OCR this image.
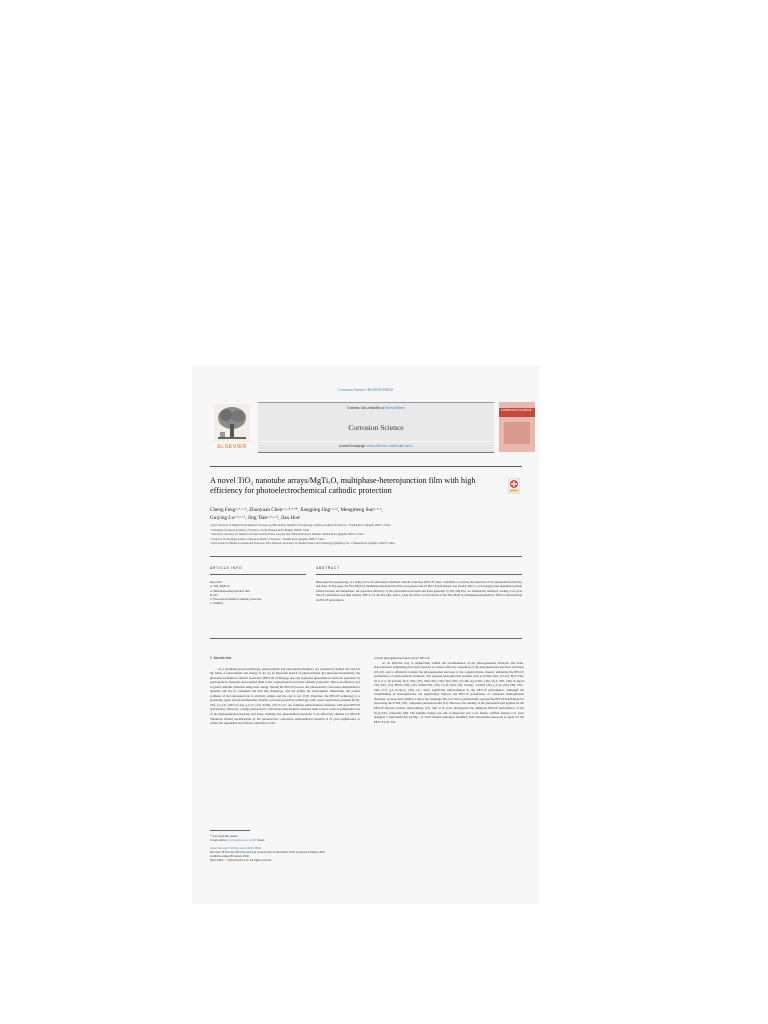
Corrosion Science 166 (2020) 108441
ELSEVIER
Contents lists available at ScienceDirect
Corrosion Science
journal homepage: www.elsevier.com/locate/corsci
CORROSION SCIENCE
A novel TiO₂ nanotube arrays/MgTiₓOᵧ multiphase-heterojunction film with high efficiency for photoelectrochemical cathodic protection
Cheng Fengᵃ·ᵇ·ᶜ·ᵈ, Zhuoyuan Chenᵃ·ᶜ·ᵈ·ᵉ·*, Jiangping Jingᵃ·ᶜ·ᵈ, Mengmeng Sunᵃ·ᵈ·ᵉ,
Guiying Luᵃ·ᵇ·ᶜ·ᵈ, Jing Tianᵃ·ᵇ·ᶜ·ᵈ, Jian Houᶠ
ᵃ Key Laboratory of Marine Environmental Corrosion and Bio-fouling, Institute of Oceanology, Chinese Academy of Sciences, 7 Nanhai Road, Qingdao 266071, China
ᵇ University of Chinese Academy of Sciences, 19 (Jia) Yuquan Road, Beijing 100049, China
ᶜ State Key Laboratory for Marine Corrosion and Protection, Luoyang Ship Material Research Institute, Wenhai Road, Qingdao 266237, China
ᵈ Center for Ocean Mega-Science, Chinese Academy of Sciences, 7 Nanhai Road, Qingdao 266071, China
ᵉ Open Studio for Marine Corrosion and Protection, Pilot National Laboratory for Marine Science and Technology (Qingdao), No. 1 Wenhai Road, Qingdao, 266237, China
ARTICLE INFO	ABSTRACT
Keywords:
A. TiO₂/MgTiₓOᵧ
A. Multiphase-heterojunction film
B. EIS
C. Photoelectrochemical cathodic protection
C. Stability
Heterojunction engineering, as a rising star in the photoelectrochemical cathodic protection (PECCP) field, contributes to promote the separation of the photoinduced electrons and holes. In this paper, the TiO₂/MgTiₓOᵧ multiphase-heterojunction film was prepared and its PECCP performance was studied. Due to a good energy band alignment gradient formed between the multiphases, the separation efficiency of the photoinduced electrons and holes generated by TiO₂/MgTiₓOᵧ are dramatically enhanced, leading to its good PECCP performance and high stability. SKP is, for the first time, used to study the surface work function of the TiO₂/MgTiₓOᵧ multiphase-heterojunction film for characterizing its PECCP performance.

1. Introduction

As a promising green technology, photocatalysis and photoelectrochemistry are extensively studied and used in the fields of environment and energy [1–6]. As an important branch of photocatalysis and photoelectrochemistry, the photoelectrochemical cathodic protection (PECCP) technology uses the separated photoinduced electrons generated by semiconductor materials and transfers them to the coupled metal to provide cathodic protection. This is an effective way to protect metallic materials using solar energy. During the PECCP process, the photoelectric conversion semiconductor material will not be consumed and thus this technology will not pollute the environment. Meanwhile, the control synthesis of the photoelectrode is relatively simple and the cost is low [7,8]. Therefore, the PECCP technology is a promising, green and environmentally friendly corrosion protection technology with a great application potential [9,10]. TiO₂ [11,12], ZnO [13,14], g-C₃N₄ [15], SrTiO₃ [16,17] etc. are common semiconductor materials with good PECCP performance. However, a single photoelectric conversion semiconductor material tends to have a fast recombination rate of the photogenerated electrons and holes, enabling less photoinduced electrons to be effectively utilized for PECCP. Therefore, further modifications of the photoelectric conversion semiconductor material is of great significance to realize the sustainable and effective utilization of the

excited photogenerated electrons for PECCP.

As an effective way to significantly inhibit the recombination of the photogenerated electrons and holes, heterojunction engineering has been reported to achieve effective separation of the photogenerated electrons and holes [18–20], and to efficiently transfer the photogenerated electrons to the coupled metals, thereby enhancing the PECCP performance of semiconductor materials. The reported heterojunction systems, such as SrTiO₃/TiO₂ [21,22], Bi₂Sₓ/TiO₂ (X is S or O) [23,24], In₂S₃/TiO₂ [25], SnO₂/TiO₂ [26], WO₃/TiO₂ [27,28], Ag₂S/TiO₂ [29], Ni₃S₂/TiO₂ [30], N-doped TiO₂/TiO₂ [31], BiVO₄/TiO₂ [32], ZnInS/TiO₂ [33], Co₃O₄/ZnO [34], ZnₓMg₁₋ₓO/ZnO [35], g-C₃N₄/ZnO [36], TiO₂-ZnO [37], g-C₃N₄/In₂O₃ [38], etc., show significant improvements in the PECCP performance. Although the establishment of heterojunctions can significantly improve the PECCP performance of composite heterojunction materials, its long-term stability is still a big challenge. Bu et al. have systematically reported the PECCP mechanism for steel using the SrTiO₃/TiO₂ composite photoelectrodes [21]. However, the stability of the photoelectrodes applied for the PECCP showed obvious shortcomings [21]. Sun et al. have investigated the enhanced PECCP performance of the In₂O₃/TiO₂ composite [39]. The stability testing was still an important part to be further verified. Kuang et al. have designed a dual-functional ZnₓMg₁₋ₓO solid solution nanolayer modified ZnO tussock-like nanorods to apply for the PECCP [35]. The

* Corresponding author.
E-mail address: zychen@qdio.ac.cn (Z. Chen).
https://doi.org/10.1016/j.corsci.2020.108441
Received 18 October 2019; Received in revised form 31 December 2019; Accepted 4 January 2020
Available online 08 January 2020
0010-938X/ © 2020 Elsevier Ltd. All rights reserved.
